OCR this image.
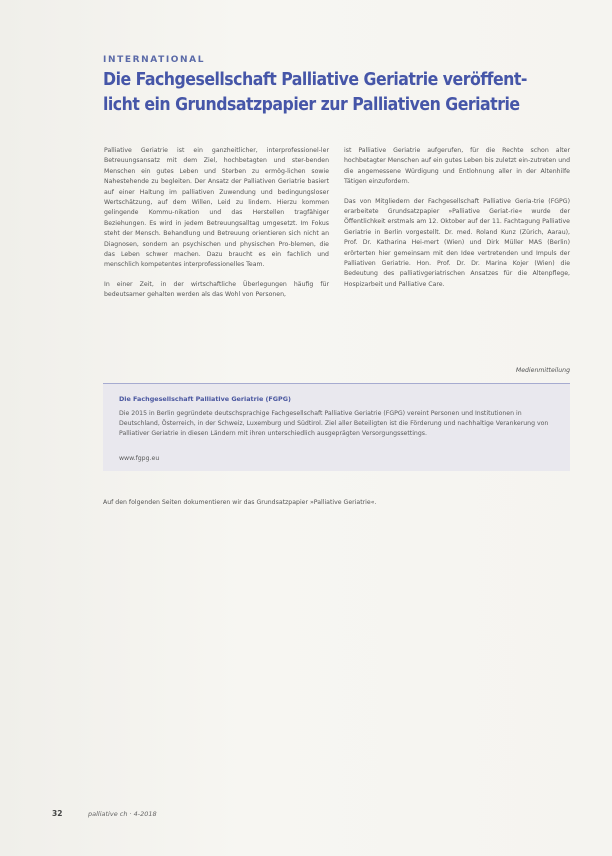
INTERNATIONAL
Die Fachgesellschaft Palliative Geriatrie veröffent-
licht ein Grundsatzpapier zur Palliativen Geriatrie

Palliative Geriatrie ist ein ganzheitlicher, interprofessionel-ler Betreuungsansatz mit dem Ziel, hochbetagten und ster-benden Menschen ein gutes Leben und Sterben zu ermög-lichen sowie Nahestehende zu begleiten. Der Ansatz der Palliativen Geriatrie basiert auf einer Haltung im palliativen Zuwendung und bedingungsloser Wertschätzung, auf dem Willen, Leid zu lindern. Hierzu kommen gelingende Kommu-nikation und das Herstellen tragfähiger Beziehungen. Es wird in jedem Betreuungsalltag umgesetzt. Im Fokus steht der Mensch. Behandlung und Betreuung orientieren sich nicht an Diagnosen, sondern an psychischen und physischen Pro-blemen, die das Leben schwer machen. Dazu braucht es ein fachlich und menschlich kompetentes interprofessionelles Team.

In einer Zeit, in der wirtschaftliche Überlegungen häufig für bedeutsamer gehalten werden als das Wohl von Personen,

ist Palliative Geriatrie aufgerufen, für die Rechte schon alter hochbetagter Menschen auf ein gutes Leben bis zuletzt ein-zutreten und die angemessene Würdigung und Entlohnung aller in der Altenhilfe Tätigen einzufordern.

Das von Mitgliedern der Fachgesellschaft Palliative Geria-trie (FGPG) erarbeitete Grundsatzpapier »Palliative Geriat-rie« wurde der Öffentlichkeit erstmals am 12. Oktober auf der 11. Fachtagung Palliative Geriatrie in Berlin vorgestellt. Dr. med. Roland Kunz (Zürich, Aarau), Prof. Dr. Katharina Hei-mert (Wien) und Dirk Müller MAS (Berlin) erörterten hier gemeinsam mit den Idee vertretenden und Impuls der Palliativen Geriatrie. Hon. Prof. Dr. Dr. Marina Kojer (Wien) die Bedeutung des palliativgeriatrischen Ansatzes für die Altenpflege, Hospizarbeit und Palliative Care.

Medienmitteilung
Die Fachgesellschaft Palliative Geriatrie (FGPG)
Die 2015 in Berlin gegründete deutschsprachige Fachgesellschaft Palliative Geriatrie (FGPG) vereint Personen und Institutionen in Deutschland, Österreich, in der Schweiz, Luxemburg und Südtirol. Ziel aller Beteiligten ist die Förderung und nachhaltige Verankerung von Palliativer Geriatrie in diesen Ländern mit ihren unterschiedlich ausgeprägten Versorgungssettings.
www.fgpg.eu
Auf den folgenden Seiten dokumentieren wir das Grundsatzpapier »Palliative Geriatrie«.
32	palliative ch · 4-2018
